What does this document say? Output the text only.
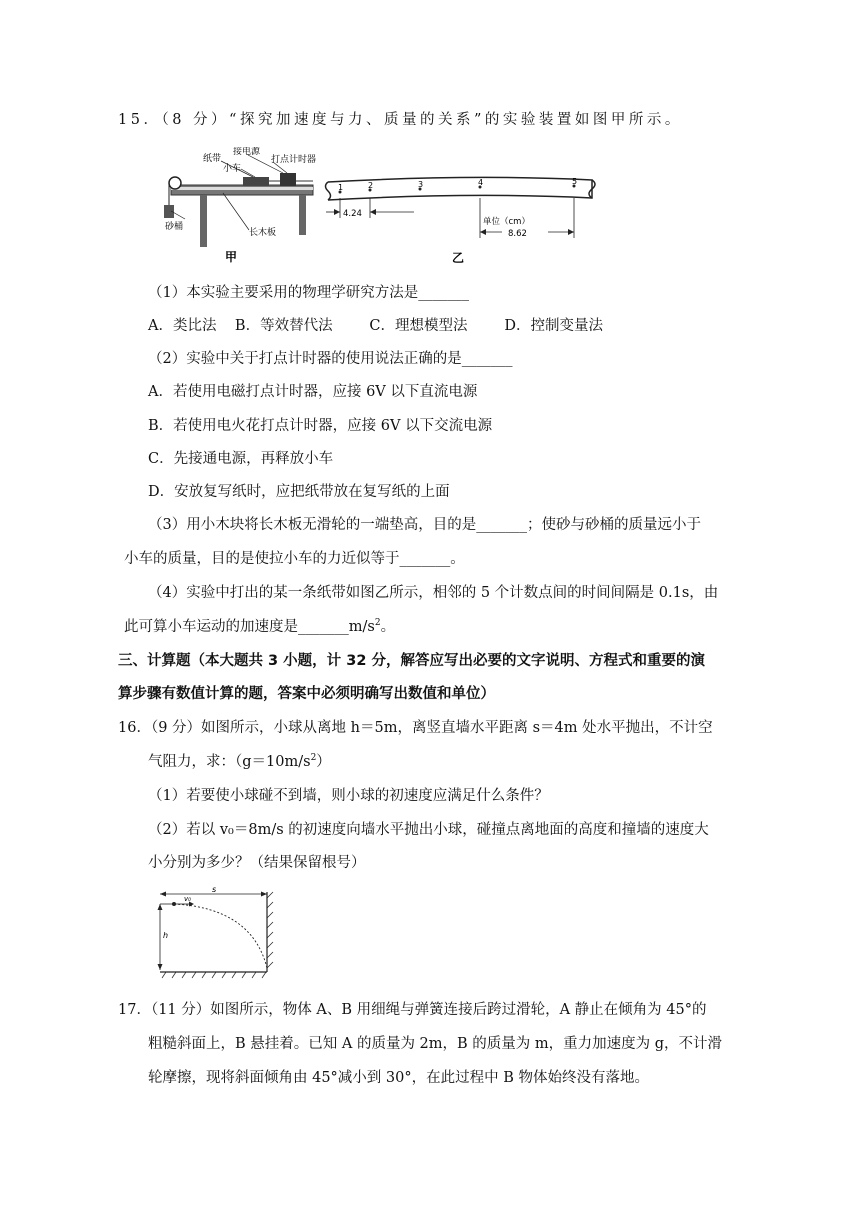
15．（8 分）“探究加速度与力、质量的关系”的实验装置如图甲所示。
纸带
接电源
小车
打点计时器
砂桶
长木板
甲
1	2	3	4	5
4.24
单位（cm）
8.62
乙
（1）本实验主要采用的物理学研究方法是_______
A．类比法    B．等效替代法        C．理想模型法        D．控制变量法
（2）实验中关于打点计时器的使用说法正确的是_______
A．若使用电磁打点计时器，应接 6V 以下直流电源
B．若使用电火花打点计时器，应接 6V 以下交流电源
C．先接通电源，再释放小车
D．安放复写纸时，应把纸带放在复写纸的上面
（3）用小木块将长木板无滑轮的一端垫高，目的是_______；使砂与砂桶的质量远小于
小车的质量，目的是使拉小车的力近似等于_______。
（4）实验中打出的某一条纸带如图乙所示，相邻的 5 个计数点间的时间间隔是 0.1s，由
此可算小车运动的加速度是$\_\_\_\_\_\_\_m/s^2$。
三、计算题（本大题共 3 小题，计 32 分，解答应写出必要的文字说明、方程式和重要的演
算步骤有数值计算的题，答案中必须明确写出数值和单位）
16．（9 分）如图所示，小球从离地 h＝5m，离竖直墙水平距离 s＝4m 处水平抛出，不计空
气阻力，求：$(g=10m/s^2)$
（1）若要使小球碰不到墙，则小球的初速度应满足什么条件？
（2）若以 v₀＝8m/s 的初速度向墙水平抛出小球，碰撞点离地面的高度和撞墙的速度大
小分别为多少？（结果保留根号）
s
v₀
h
17．（11 分）如图所示，物体 A、B 用细绳与弹簧连接后跨过滑轮，A 静止在倾角为 45°的
粗糙斜面上，B 悬挂着。已知 A 的质量为 2m，B 的质量为 m，重力加速度为 g，不计滑
轮摩擦，现将斜面倾角由 45°减小到 30°，在此过程中 B 物体始终没有落地。
